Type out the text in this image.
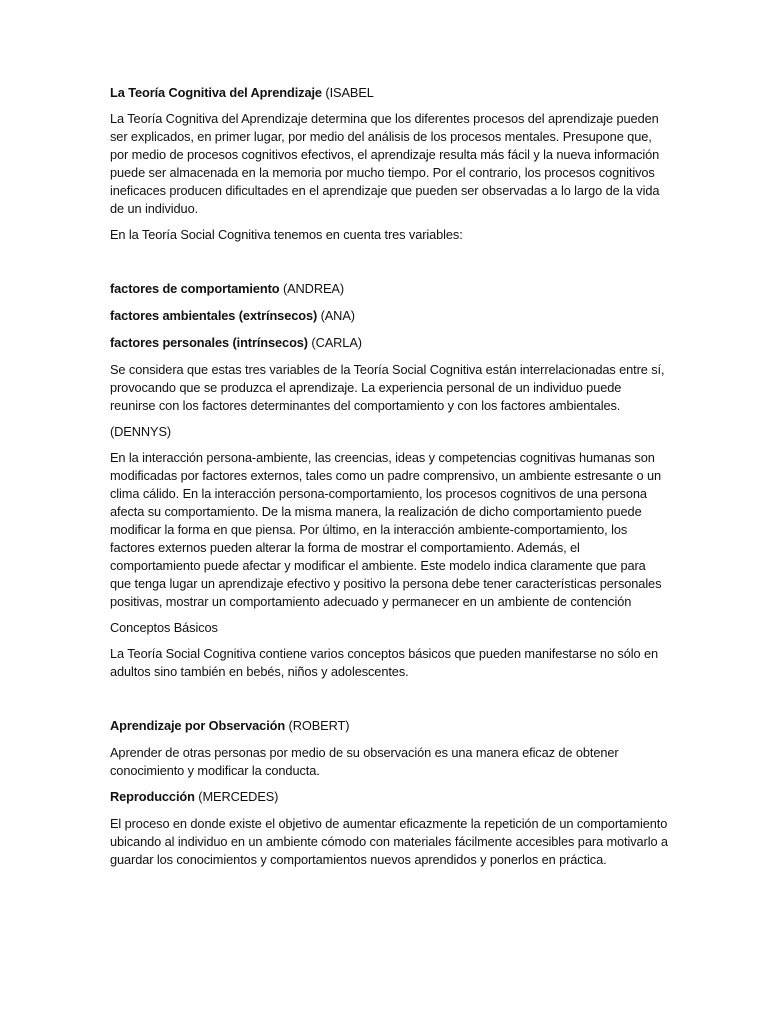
La Teoría Cognitiva del Aprendizaje (ISABEL

La Teoría Cognitiva del Aprendizaje determina que los diferentes procesos del aprendizaje pueden ser explicados, en primer lugar, por medio del análisis de los procesos mentales. Presupone que, por medio de procesos cognitivos efectivos, el aprendizaje resulta más fácil y la nueva información puede ser almacenada en la memoria por mucho tiempo. Por el contrario, los procesos cognitivos ineficaces producen dificultades en el aprendizaje que pueden ser observadas a lo largo de la vida de un individuo.

En la Teoría Social Cognitiva tenemos en cuenta tres variables:

factores de comportamiento (ANDREA)

factores ambientales (extrínsecos) (ANA)

factores personales (intrínsecos) (CARLA)

Se considera que estas tres variables de la Teoría Social Cognitiva están interrelacionadas entre sí, provocando que se produzca el aprendizaje. La experiencia personal de un individuo puede reunirse con los factores determinantes del comportamiento y con los factores ambientales.

(DENNYS)

En la interacción persona-ambiente, las creencias, ideas y competencias cognitivas humanas son modificadas por factores externos, tales como un padre comprensivo, un ambiente estresante o un clima cálido. En la interacción persona-comportamiento, los procesos cognitivos de una persona afecta su comportamiento. De la misma manera, la realización de dicho comportamiento puede modificar la forma en que piensa. Por último, en la interacción ambiente-comportamiento, los factores externos pueden alterar la forma de mostrar el comportamiento. Además, el comportamiento puede afectar y modificar el ambiente. Este modelo indica claramente que para que tenga lugar un aprendizaje efectivo y positivo la persona debe tener características personales positivas, mostrar un comportamiento adecuado y permanecer en un ambiente de contención

Conceptos Básicos

La Teoría Social Cognitiva contiene varios conceptos básicos que pueden manifestarse no sólo en adultos sino también en bebés, niños y adolescentes.

Aprendizaje por Observación (ROBERT)

Aprender de otras personas por medio de su observación es una manera eficaz de obtener conocimiento y modificar la conducta.

Reproducción (MERCEDES)

El proceso en donde existe el objetivo de aumentar eficazmente la repetición de un comportamiento ubicando al individuo en un ambiente cómodo con materiales fácilmente accesibles para motivarlo a guardar los conocimientos y comportamientos nuevos aprendidos y ponerlos en práctica.
